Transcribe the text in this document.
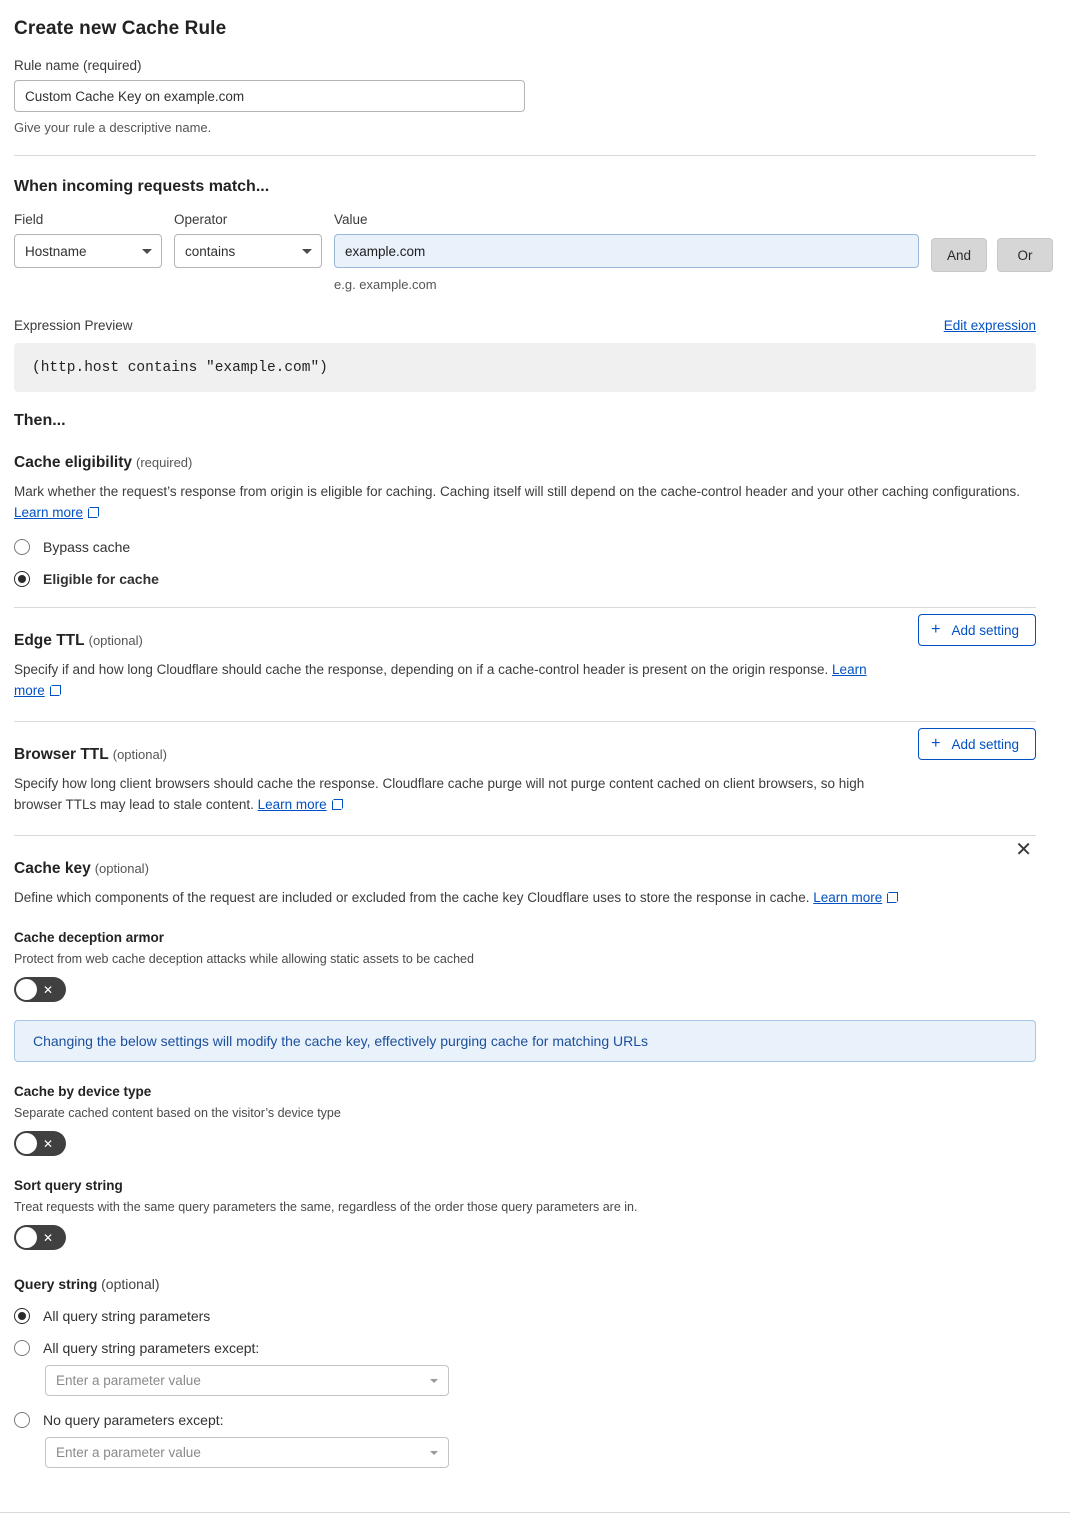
Create new Cache Rule
Rule name (required)
Custom Cache Key on example.com
Give your rule a descriptive name.
When incoming requests match...
Field
Hostname
Operator
contains
Value
example.com
e.g. example.com
And	Or
Expression Preview	Edit expression
(http.host contains "example.com")
Then...
Cache eligibility (required)
Mark whether the request’s response from origin is eligible for caching. Caching itself will still depend on the cache-control header and your other caching configurations. Learn more
Bypass cache
Eligible for cache
Edge TTL (optional)
Specify if and how long Cloudflare should cache the response, depending on if a cache-control header is present on the origin response. Learn more
+ Add setting
Browser TTL (optional)
Specify how long client browsers should cache the response. Cloudflare cache purge will not purge content cached on client browsers, so high browser TTLs may lead to stale content. Learn more
+ Add setting
Cache key (optional)
Define which components of the request are included or excluded from the cache key Cloudflare uses to store the response in cache. Learn more
✕
Cache deception armor
Protect from web cache deception attacks while allowing static assets to be cached
✕
Changing the below settings will modify the cache key, effectively purging cache for matching URLs
Cache by device type
Separate cached content based on the visitor’s device type
✕
Sort query string
Treat requests with the same query parameters the same, regardless of the order those query parameters are in.
✕
Query string (optional)
All query string parameters
All query string parameters except:
Enter a parameter value
No query parameters except:
Enter a parameter value
